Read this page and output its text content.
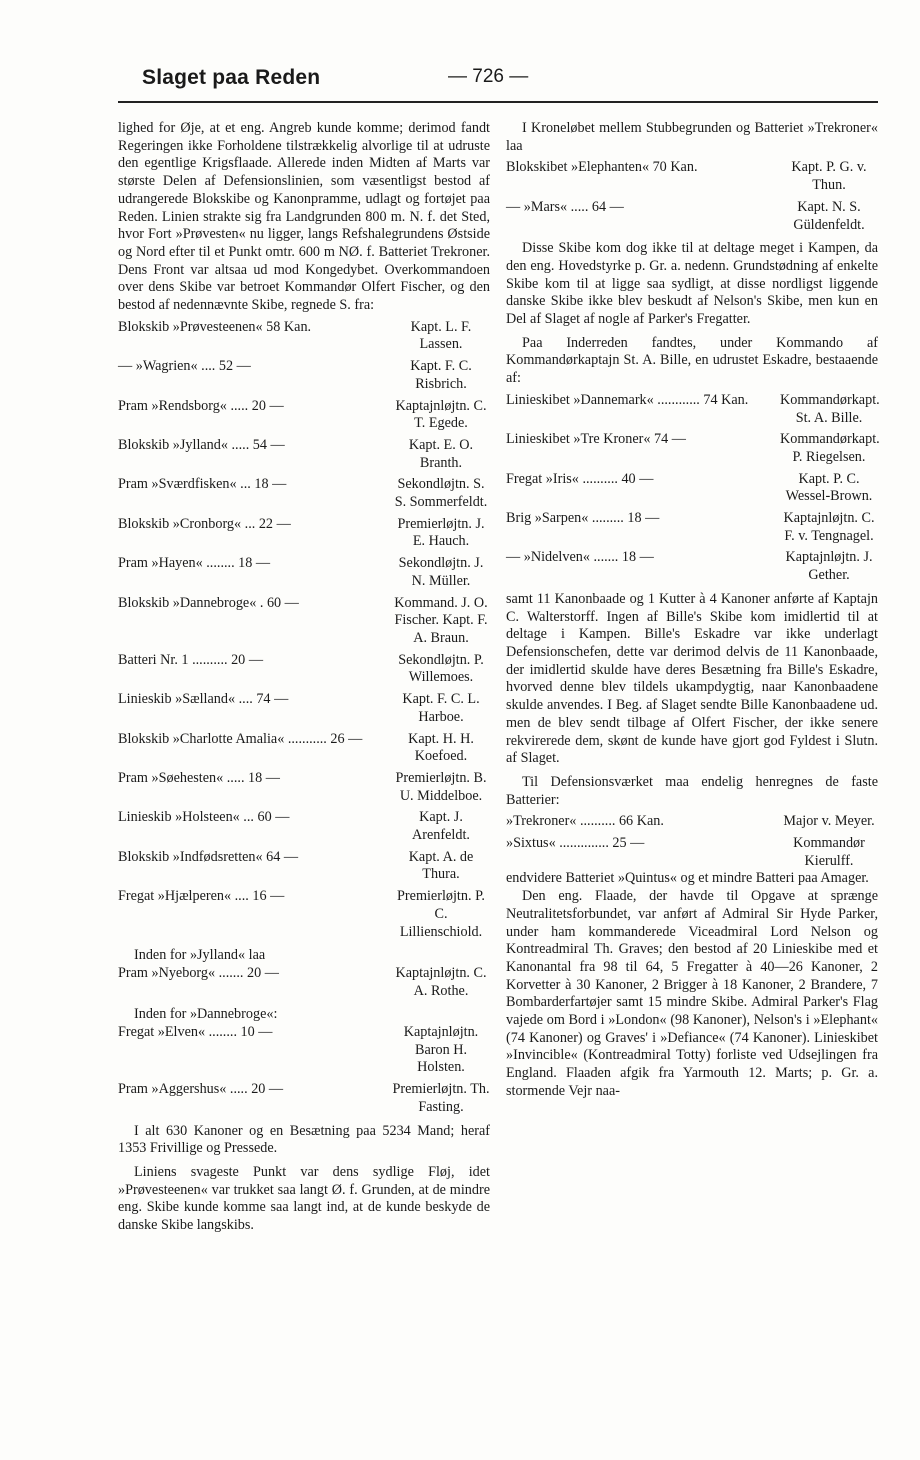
Slaget paa Reden	— 726 —

lighed for Øje, at et eng. Angreb kunde komme; derimod fandt Regeringen ikke Forholdene tilstrækkelig alvorlige til at udruste den egentlige Krigsflaade. Allerede inden Midten af Marts var største Delen af Defensionslinien, som væsentligst bestod af udrangerede Blokskibe og Kanonpramme, udlagt og fortøjet paa Reden. Linien strakte sig fra Landgrunden 800 m. N. f. det Sted, hvor Fort »Prøvesten« nu ligger, langs Refshalegrundens Østside og Nord efter til et Punkt omtr. 600 m NØ. f. Batteriet Trekroner. Dens Front var altsaa ud mod Kongedybet. Overkommandoen over dens Skibe var betroet Kommandør Olfert Fischer, og den bestod af nedennævnte Skibe, regnede S. fra:

Blokskib »Prøvesteenen« 58 Kan.	Kapt. L. F. Lassen.
— »Wagrien« .... 52 —	Kapt. F. C. Risbrich.
Pram »Rendsborg« ..... 20 —	Kaptajnløjtn. C. T. Egede.
Blokskib »Jylland« ..... 54 —	Kapt. E. O. Branth.
Pram »Sværdfisken« ... 18 —	Sekondløjtn. S. S. Sommerfeldt.
Blokskib »Cronborg« ... 22 —	Premierløjtn. J. E. Hauch.
Pram »Hayen« ........ 18 —	Sekondløjtn. J. N. Müller.
Blokskib »Dannebroge« . 60 —	Kommand. J. O. Fischer. Kapt. F. A. Braun.
Batteri Nr. 1 .......... 20 —	Sekondløjtn. P. Willemoes.
Linieskib »Sælland« .... 74 —	Kapt. F. C. L. Harboe.
Blokskib »Charlotte Amalia« ........... 26 —	Kapt. H. H. Koefoed.
Pram »Søehesten« ..... 18 —	Premierløjtn. B. U. Middelboe.
Linieskib »Holsteen« ... 60 —	Kapt. J. Arenfeldt.
Blokskib »Indfødsretten« 64 —	Kapt. A. de Thura.
Fregat »Hjælperen« .... 16 —	Premierløjtn. P. C. Lillienschiold.
Inden for »Jylland« laa
Pram »Nyeborg« ....... 20 —	Kaptajnløjtn. C. A. Rothe.
Inden for »Dannebroge«:
Fregat »Elven« ........ 10 —	Kaptajnløjtn. Baron H. Holsten.
Pram »Aggershus« ..... 20 —	Premierløjtn. Th. Fasting.

I alt 630 Kanoner og en Besætning paa 5234 Mand; heraf 1353 Frivillige og Pressede.

Liniens svageste Punkt var dens sydlige Fløj, idet »Prøvesteenen« var trukket saa langt Ø. f. Grunden, at de mindre eng. Skibe kunde komme saa langt ind, at de kunde beskyde de danske Skibe langskibs.

I Kroneløbet mellem Stubbegrunden og Batteriet »Trekroner« laa

Blokskibet »Elephanten« 70 Kan.	Kapt. P. G. v. Thun.
— »Mars« ..... 64 —	Kapt. N. S. Güldenfeldt.

Disse Skibe kom dog ikke til at deltage meget i Kampen, da den eng. Hovedstyrke p. Gr. a. nedenn. Grundstødning af enkelte Skibe kom til at ligge saa sydligt, at disse nordligst liggende danske Skibe ikke blev beskudt af Nelson's Skibe, men kun en Del af Slaget af nogle af Parker's Fregatter.

Paa Inderreden fandtes, under Kommando af Kommandørkaptajn St. A. Bille, en udrustet Eskadre, bestaaende af:

Linieskibet »Dannemark« ............ 74 Kan.	Kommandørkapt. St. A. Bille.
Linieskibet »Tre Kroner« 74 —	Kommandørkapt. P. Riegelsen.
Fregat »Iris« .......... 40 —	Kapt. P. C. Wessel-Brown.
Brig »Sarpen« ......... 18 —	Kaptajnløjtn. C. F. v. Tengnagel.
— »Nidelven« ....... 18 —	Kaptajnløjtn. J. Gether.

samt 11 Kanonbaade og 1 Kutter à 4 Kanoner anførte af Kaptajn C. Walterstorff. Ingen af Bille's Skibe kom imidlertid til at deltage i Kampen. Bille's Eskadre var ikke underlagt Defensionschefen, dette var derimod delvis de 11 Kanonbaade, der imidlertid skulde have deres Besætning fra Bille's Eskadre, hvorved denne blev tildels ukampdygtig, naar Kanonbaadene skulde anvendes. I Beg. af Slaget sendte Bille Kanonbaadene ud. men de blev sendt tilbage af Olfert Fischer, der ikke senere rekvirerede dem, skønt de kunde have gjort god Fyldest i Slutn. af Slaget.

Til Defensionsværket maa endelig henregnes de faste Batterier:

»Trekroner« .......... 66 Kan.	Major v. Meyer.
»Sixtus« .............. 25 —	Kommandør Kierulff.

endvidere Batteriet »Quintus« og et mindre Batteri paa Amager.

Den eng. Flaade, der havde til Opgave at sprænge Neutralitetsforbundet, var anført af Admiral Sir Hyde Parker, under ham kommanderede Viceadmiral Lord Nelson og Kontreadmiral Th. Graves; den bestod af 20 Linieskibe med et Kanonantal fra 98 til 64, 5 Fregatter à 40—26 Kanoner, 2 Korvetter à 30 Kanoner, 2 Brigger à 18 Kanoner, 2 Brandere, 7 Bombarderfartøjer samt 15 mindre Skibe. Admiral Parker's Flag vajede om Bord i »London« (98 Kanoner), Nelson's i »Elephant« (74 Kanoner) og Graves' i »Defiance« (74 Kanoner). Linieskibet »Invincible« (Kontreadmiral Totty) forliste ved Udsejlingen fra England. Flaaden afgik fra Yarmouth 12. Marts; p. Gr. a. stormende Vejr naa-
